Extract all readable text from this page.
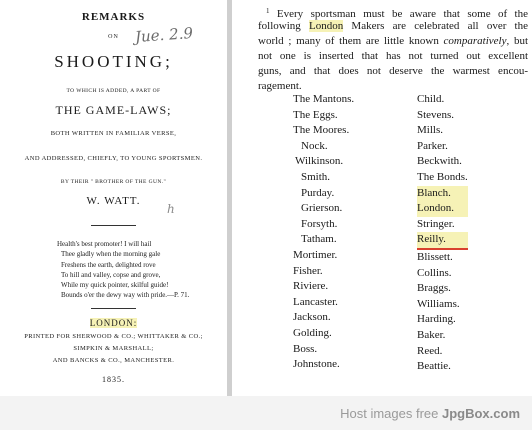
REMARKS
ON	Jue. 2.9
SHOOTING;
TO WHICH IS ADDED, A PART OF
THE GAME-LAWS;
BOTH WRITTEN IN FAMILIAR VERSE,
AND ADDRESSED, CHIEFLY, TO YOUNG SPORTSMEN.
BY THEIR " BROTHER OF THE GUN."
W. WATT.
h
Health's best promoter! I will hail
Thee gladly when the morning gale
Freshens the earth, delighted rove
To hill and valley, copse and grove,
While my quick pointer, skilful guide!
Bounds o'er the dewy way with pride.—P. 71.
LONDON:
PRINTED FOR SHERWOOD & CO.; WHITTAKER & CO.;
SIMPKIN & MARSHALL;
AND BANCKS & CO., MANCHESTER.
1835.
$^1$ Every sportsman must be aware that some of the
following London Makers are celebrated all over the
world ; many of them are little known comparatively, but
not one is inserted that has not turned out excellent
guns, and that does not deserve the warmest encou-
ragement.
The Mantons.
The Eggs.
The Moores.
Nock.
Wilkinson.
Smith.
Purday.
Grierson.
Forsyth.
Tatham.
Mortimer.
Fisher.
Riviere.
Lancaster.
Jackson.
Golding.
Boss.
Johnstone.
Child.
Stevens.
Mills.
Parker.
Beckwith.
The Bonds.
Blanch.
London.
Stringer.
Reilly.
Blissett.
Collins.
Braggs.
Williams.
Harding.
Baker.
Reed.
Beattie.
Host images free JpgBox.com
